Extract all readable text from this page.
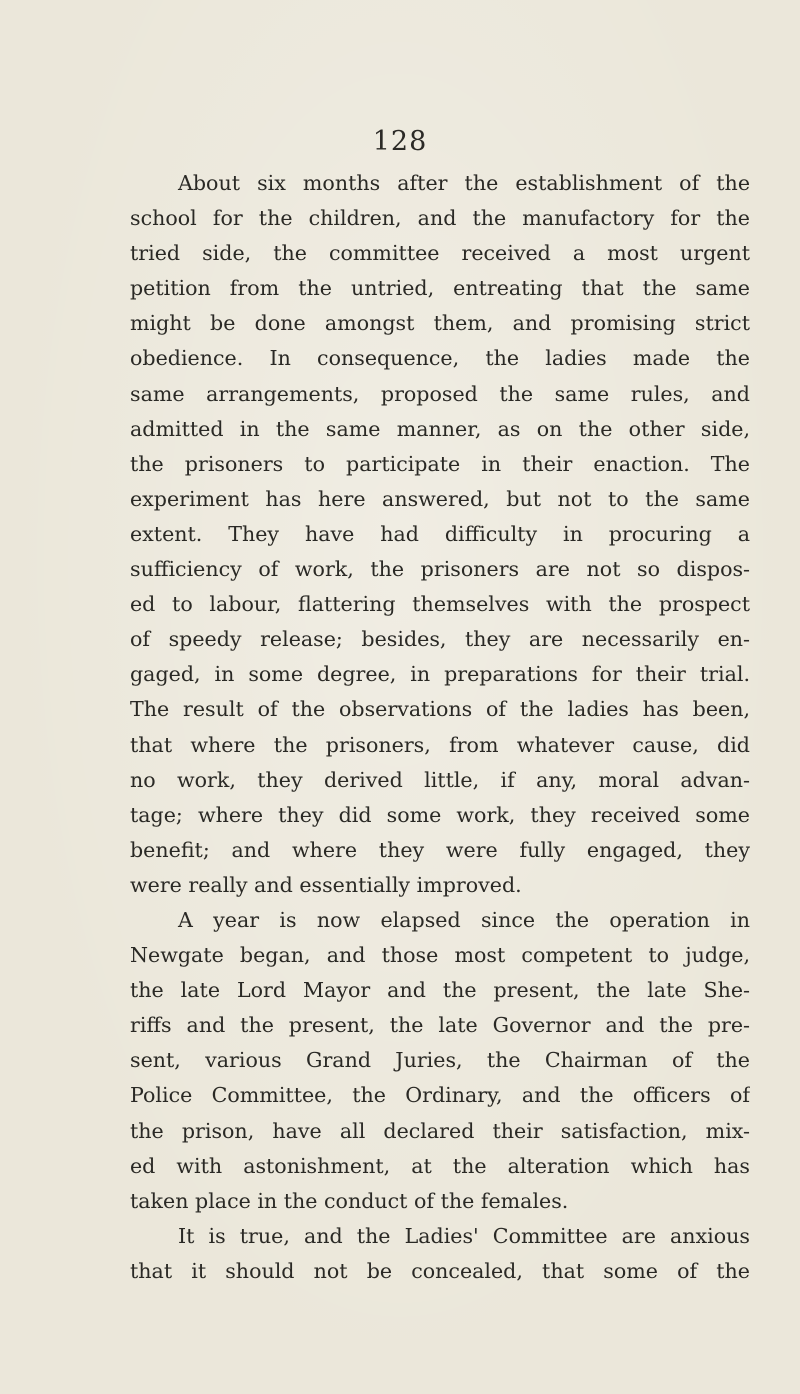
128
About six months after the establishment of the
school for the children, and the manufactory for the
tried side, the committee received a most urgent
petition from the untried, entreating that the same
might be done amongst them, and promising strict
obedience. In consequence, the ladies made the
same arrangements, proposed the same rules, and
admitted in the same manner, as on the other side,
the prisoners to participate in their enaction. The
experiment has here answered, but not to the same
extent. They have had difficulty in procuring a
sufficiency of work, the prisoners are not so dispos-
ed to labour, flattering themselves with the prospect
of speedy release; besides, they are necessarily en-
gaged, in some degree, in preparations for their trial.
The result of the observations of the ladies has been,
that where the prisoners, from whatever cause, did
no work, they derived little, if any, moral advan-
tage; where they did some work, they received some
benefit; and where they were fully engaged, they
were really and essentially improved.
A year is now elapsed since the operation in
Newgate began, and those most competent to judge,
the late Lord Mayor and the present, the late She-
riffs and the present, the late Governor and the pre-
sent, various Grand Juries, the Chairman of the
Police Committee, the Ordinary, and the officers of
the prison, have all declared their satisfaction, mix-
ed with astonishment, at the alteration which has
taken place in the conduct of the females.
It is true, and the Ladies' Committee are anxious
that it should not be concealed, that some of the
